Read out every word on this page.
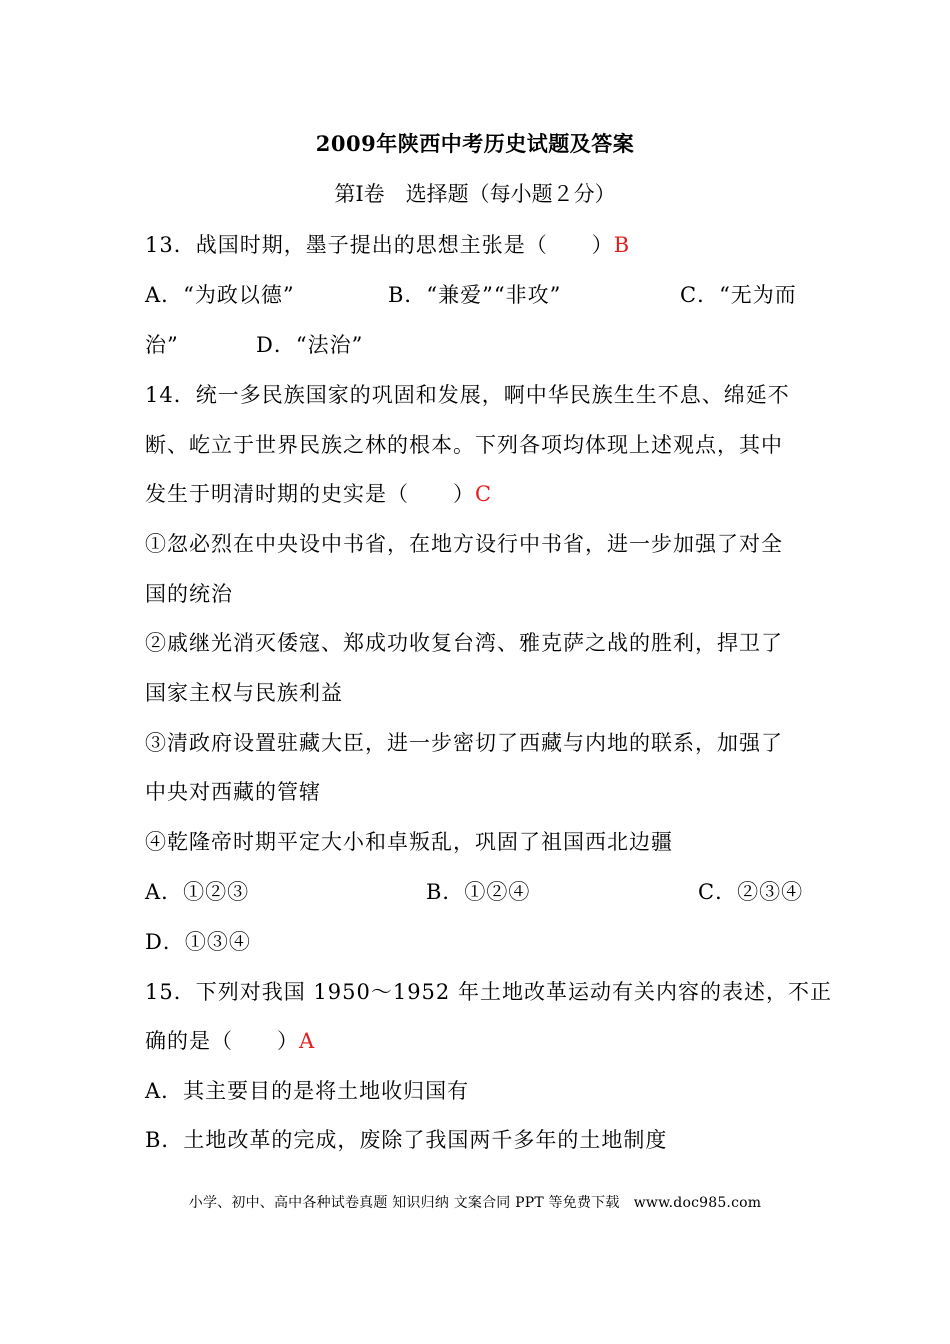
2009年陕西中考历史试题及答案
第Ⅰ卷　选择题（每小题２分）
13．战国时期，墨子提出的思想主张是（　　）B
A．“为政以德”	B．“兼爱”“非攻”	C．“无为而
治”	D．“法治”
14．统一多民族国家的巩固和发展，啊中华民族生生不息、绵延不
断、屹立于世界民族之林的根本。下列各项均体现上述观点，其中
发生于明清时期的史实是（　　）C
①忽必烈在中央设中书省，在地方设行中书省，进一步加强了对全
国的统治
②戚继光消灭倭寇、郑成功收复台湾、雅克萨之战的胜利，捍卫了
国家主权与民族利益
③清政府设置驻藏大臣，进一步密切了西藏与内地的联系，加强了
中央对西藏的管辖
④乾隆帝时期平定大小和卓叛乱，巩固了祖国西北边疆
A．①②③	B．①②④	C．②③④
D．①③④
15．下列对我国 1950～1952 年土地改革运动有关内容的表述，不正
确的是（　　）A
A．其主要目的是将土地收归国有
B．土地改革的完成，废除了我国两千多年的土地制度
小学、初中、高中各种试卷真题 知识归纳 文案合同 PPT 等免费下载　www.doc985.com
